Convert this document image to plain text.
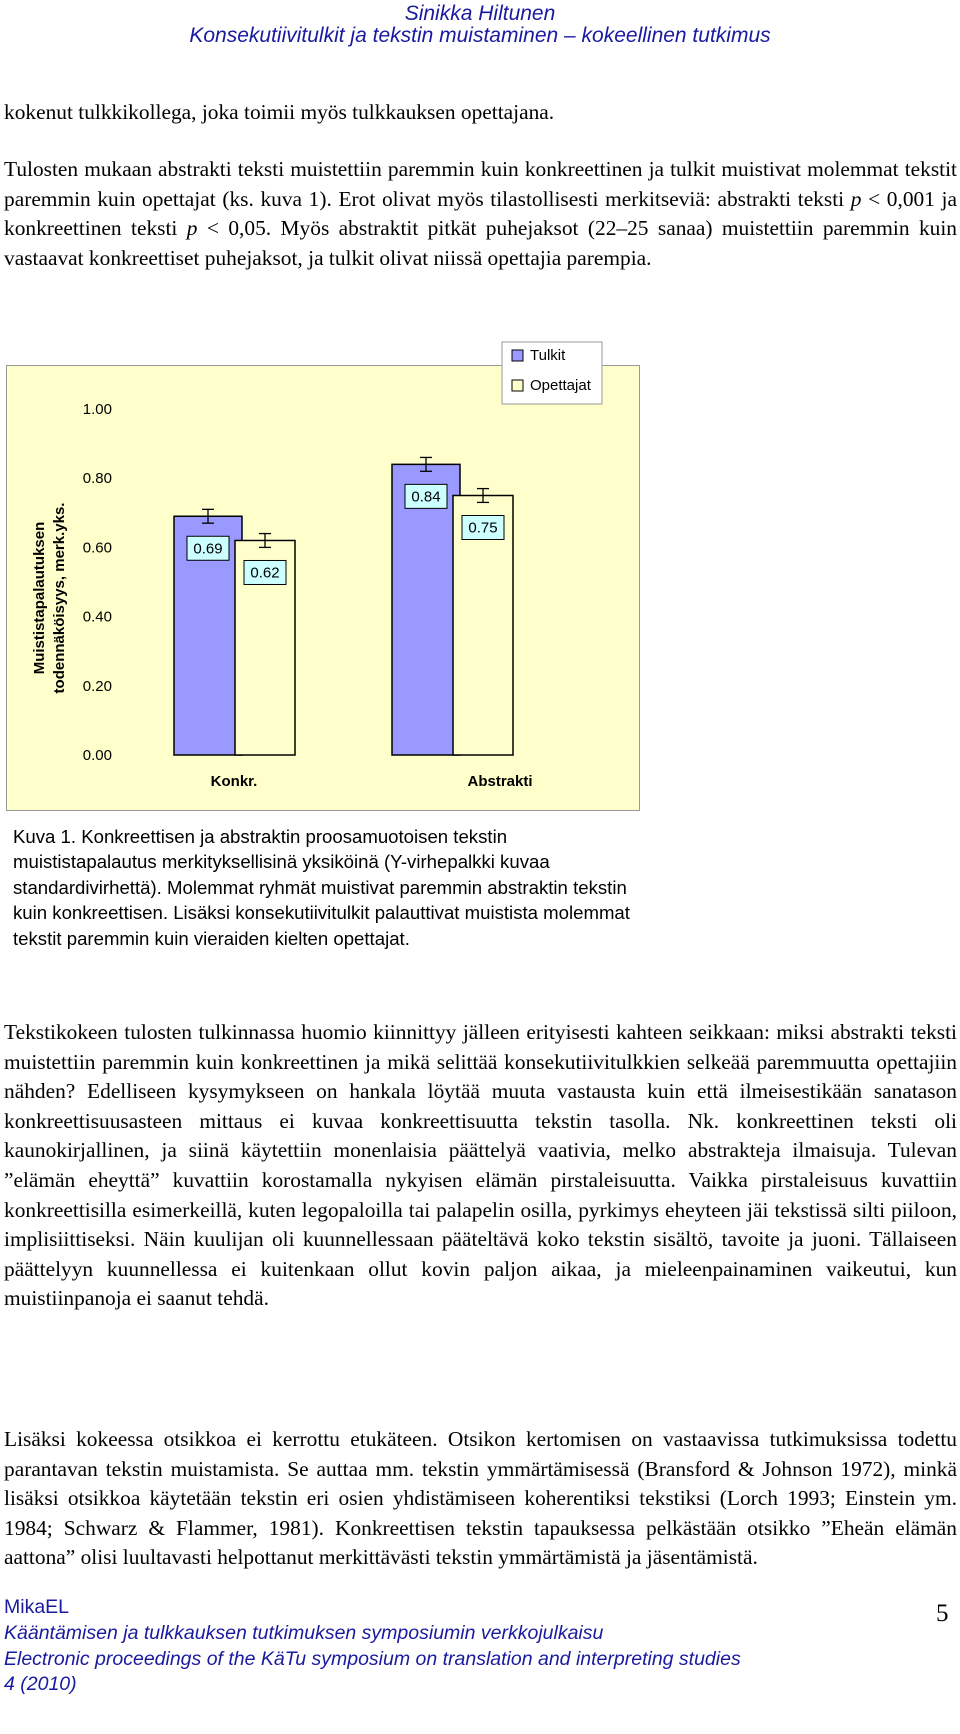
Sinikka Hiltunen
Konsekutiivitulkit ja tekstin muistaminen – kokeellinen tutkimus

kokenut tulkkikollega, joka toimii myös tulkkauksen opettajana.

Tulosten mukaan abstrakti teksti muistettiin paremmin kuin konkreettinen ja tulkit muistivat molemmat tekstit paremmin kuin opettajat (ks. kuva 1). Erot olivat myös tilastollisesti merkitseviä: abstrakti teksti p < 0,001 ja konkreettinen teksti p < 0,05. Myös abstraktit pitkät puhejaksot (22–25 sanaa) muistettiin paremmin kuin vastaavat konkreettiset puhejaksot, ja tulkit olivat niissä opettajia parempia.

0.00
0.20
0.40
0.60
0.80
1.00
Muististapalautuksen todennäköisyys, merk.yks.	0.69
0.62
Konkr.
0.84
0.75
Abstrakti
Tulkit
Opettajat
Kuva 1. Konkreettisen ja abstraktin proosamuotoisen tekstin muististapalautus merkityksellisinä yksiköinä (Y-virhepalkki kuvaa standardivirhettä). Molemmat ryhmät muistivat paremmin abstraktin tekstin kuin konkreettisen. Lisäksi konsekutiivitulkit palauttivat muistista molemmat tekstit paremmin kuin vieraiden kielten opettajat.

Tekstikokeen tulosten tulkinnassa huomio kiinnittyy jälleen erityisesti kahteen seikkaan: miksi abstrakti teksti muistettiin paremmin kuin konkreettinen ja mikä selittää konsekutiivitulkkien selkeää paremmuutta opettajiin nähden? Edelliseen kysymykseen on hankala löytää muuta vastausta kuin että ilmeisestikään sanatason konkreettisuusasteen mittaus ei kuvaa konkreettisuutta tekstin tasolla. Nk. konkreettinen teksti oli kaunokirjallinen, ja siinä käytettiin monenlaisia päättelyä vaativia, melko abstrakteja ilmaisuja. Tulevan ”elämän eheyttä” kuvattiin korostamalla nykyisen elämän pirstaleisuutta. Vaikka pirstaleisuus kuvattiin konkreettisilla esimerkeillä, kuten legopaloilla tai palapelin osilla, pyrkimys eheyteen jäi tekstissä silti piiloon, implisiittiseksi. Näin kuulijan oli kuunnellessaan pääteltävä koko tekstin sisältö, tavoite ja juoni. Tällaiseen päättelyyn kuunnellessa ei kuitenkaan ollut kovin paljon aikaa, ja mieleenpainaminen vaikeutui, kun muistiinpanoja ei saanut tehdä.

Lisäksi kokeessa otsikkoa ei kerrottu etukäteen. Otsikon kertomisen on vastaavissa tutkimuksissa todettu parantavan tekstin muistamista. Se auttaa mm. tekstin ymmärtämisessä (Bransford & Johnson 1972), minkä lisäksi otsikkoa käytetään tekstin eri osien yhdistämiseen koherentiksi tekstiksi (Lorch 1993; Einstein ym. 1984; Schwarz & Flammer, 1981). Konkreettisen tekstin tapauksessa pelkästään otsikko ”Eheän elämän aattona” olisi luultavasti helpottanut merkittävästi tekstin ymmärtämistä ja jäsentämistä.

MikaEL
Kääntämisen ja tulkkauksen tutkimuksen symposiumin verkkojulkaisu
Electronic proceedings of the KäTu symposium on translation and interpreting studies
4 (2010)
5
